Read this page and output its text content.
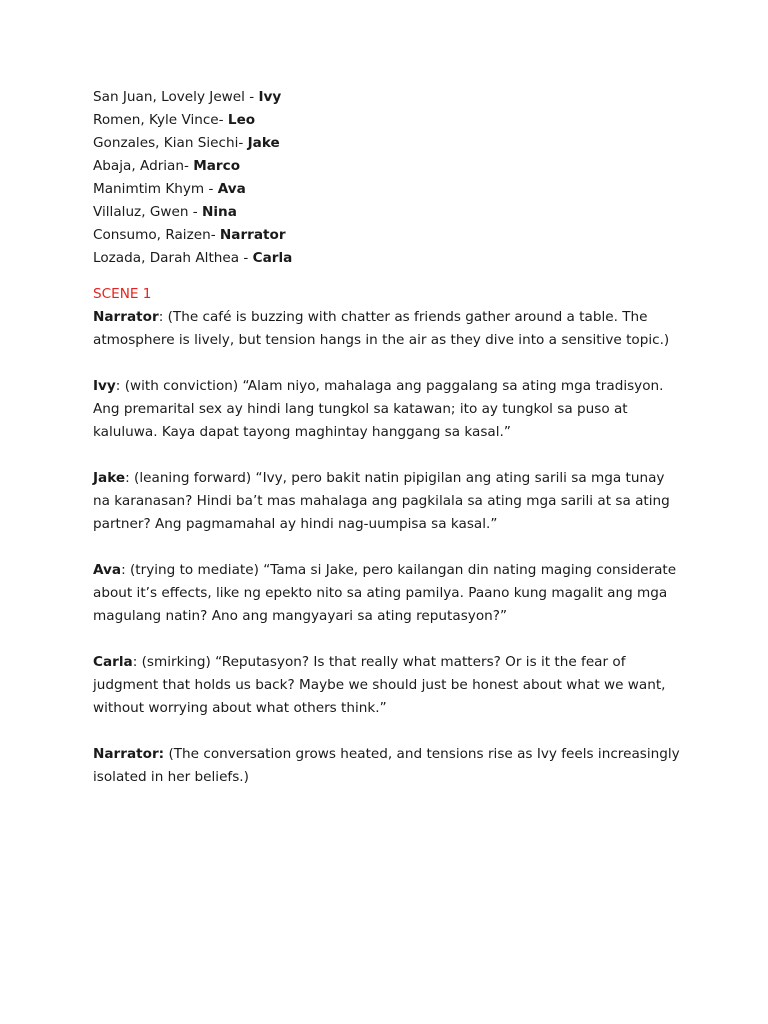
San Juan, Lovely Jewel - Ivy
Romen, Kyle Vince- Leo
Gonzales, Kian Siechi- Jake
Abaja, Adrian- Marco
Manimtim Khym - Ava
Villaluz, Gwen - Nina
Consumo, Raizen- Narrator
Lozada, Darah Althea - Carla
SCENE 1

Narrator: (The café is buzzing with chatter as friends gather around a table. The atmosphere is lively, but tension hangs in the air as they dive into a sensitive topic.)

Ivy: (with conviction) “Alam niyo, mahalaga ang paggalang sa ating mga tradisyon. Ang premarital sex ay hindi lang tungkol sa katawan; ito ay tungkol sa puso at kaluluwa. Kaya dapat tayong maghintay hanggang sa kasal.”

Jake: (leaning forward) “Ivy, pero bakit natin pipigilan ang ating sarili sa mga tunay na karanasan? Hindi ba’t mas mahalaga ang pagkilala sa ating mga sarili at sa ating partner? Ang pagmamahal ay hindi nag-uumpisa sa kasal.”

Ava: (trying to mediate) “Tama si Jake, pero kailangan din nating maging considerate about it’s effects, like ng epekto nito sa ating pamilya. Paano kung magalit ang mga magulang natin? Ano ang mangyayari sa ating reputasyon?”

Carla: (smirking) “Reputasyon? Is that really what matters? Or is it the fear of judgment that holds us back? Maybe we should just be honest about what we want, without worrying about what others think.”

Narrator: (The conversation grows heated, and tensions rise as Ivy feels increasingly isolated in her beliefs.)
